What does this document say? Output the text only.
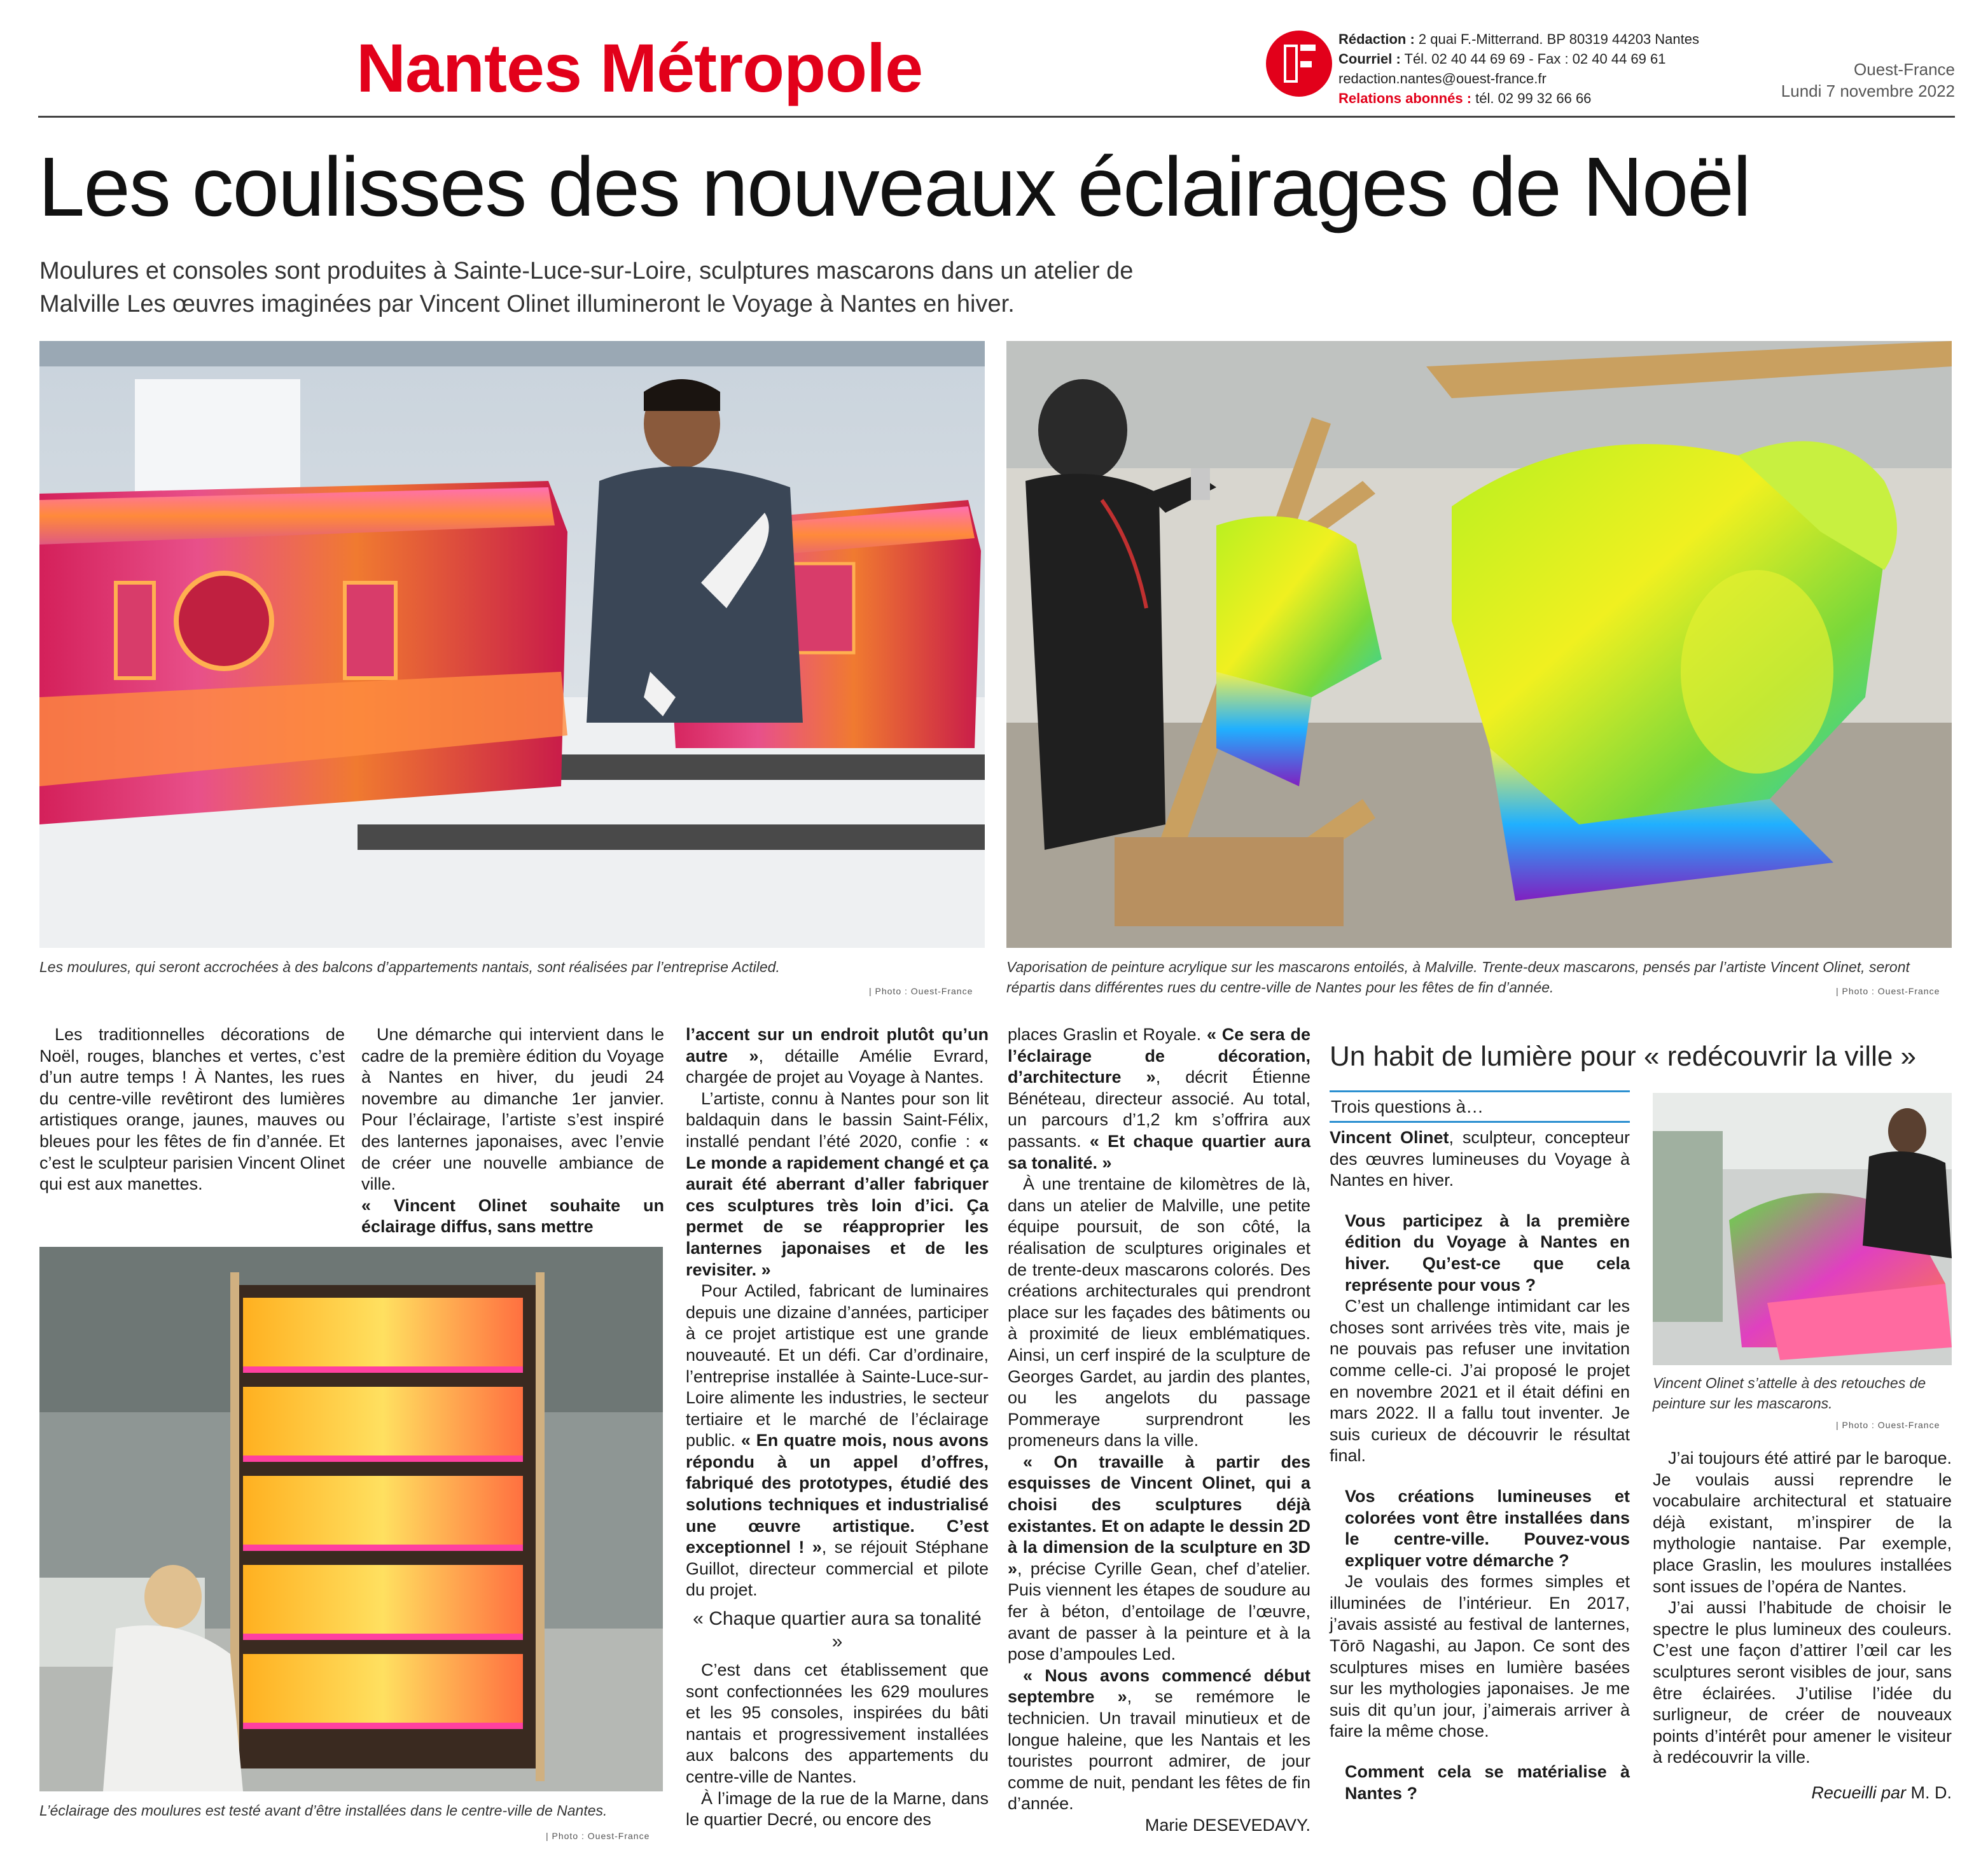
Nantes Métropole	Rédaction : 2 quai F.-Mitterrand. BP 80319 44203 Nantes
Courriel : Tél. 02 40 44 69 69 - Fax : 02 40 44 69 61
redaction.nantes@ouest-france.fr
Relations abonnés : tél. 02 99 32 66 66
Ouest-France
Lundi 7 novembre 2022
Les coulisses des nouveaux éclairages de Noël
Moulures et consoles sont produites à Sainte-Luce-sur-Loire, sculptures mascarons dans un atelier de Malville Les œuvres imaginées par Vincent Olinet illumineront le Voyage à Nantes en hiver.
Les moulures, qui seront accrochées à des balcons d’appartements nantais, sont réalisées par l’entreprise Actiled.
| Photo : Ouest-France
Vaporisation de peinture acrylique sur les mascarons entoilés, à Malville. Trente-deux mascarons, pensés par l’artiste Vincent Olinet, seront répartis dans différentes rues du centre-ville de Nantes pour les fêtes de fin d’année.	| Photo : Ouest-France

Les traditionnelles décorations de Noël, rouges, blanches et vertes, c’est d’un autre temps ! À Nantes, les rues du centre-ville revêtiront des lumières artistiques orange, jaunes, mauves ou bleues pour les fêtes de fin d’année. Et c’est le sculpteur parisien Vincent Olinet qui est aux manettes.

L’éclairage des moulures est testé avant d’être installées dans le centre-ville de Nantes.
| Photo : Ouest-France

Une démarche qui intervient dans le cadre de la première édition du Voyage à Nantes en hiver, du jeudi 24 novembre au dimanche 1er janvier. Pour l’éclairage, l’artiste s’est inspiré des lanternes japonaises, avec l’envie de créer une nouvelle ambiance de ville.

« Vincent Olinet souhaite un éclairage diffus, sans mettre

l’accent sur un endroit plutôt qu’un autre », détaille Amélie Evrard, chargée de projet au Voyage à Nantes.

L’artiste, connu à Nantes pour son lit baldaquin dans le bassin Saint-Félix, installé pendant l’été 2020, confie : « Le monde a rapidement changé et ça aurait été aberrant d’aller fabriquer ces sculptures très loin d’ici. Ça permet de se réapproprier les lanternes japonaises et de les revisiter. »

Pour Actiled, fabricant de luminaires depuis une dizaine d’années, participer à ce projet artistique est une grande nouveauté. Et un défi. Car d’ordinaire, l’entreprise installée à Sainte-Luce-sur-Loire alimente les industries, le secteur tertiaire et le marché de l’éclairage public. « En quatre mois, nous avons répondu à un appel d’offres, fabriqué des prototypes, étudié des solutions techniques et industrialisé une œuvre artistique. C’est exceptionnel ! », se réjouit Stéphane Guillot, directeur commercial et pilote du projet.

« Chaque quartier aura sa tonalité »

C’est dans cet établissement que sont confectionnées les 629 moulures et les 95 consoles, inspirées du bâti nantais et progressivement installées aux balcons des appartements du centre-ville de Nantes.

À l’image de la rue de la Marne, dans le quartier Decré, ou encore des

places Graslin et Royale. « Ce sera de l’éclairage de décoration, d’architecture », décrit Étienne Bénéteau, directeur associé. Au total, un parcours d’1,2 km s’offrira aux passants. « Et chaque quartier aura sa tonalité. »

À une trentaine de kilomètres de là, dans un atelier de Malville, une petite équipe poursuit, de son côté, la réalisation de sculptures originales et de trente-deux mascarons colorés. Des créations architecturales qui prendront place sur les façades des bâtiments ou à proximité de lieux emblématiques. Ainsi, un cerf inspiré de la sculpture de Georges Gardet, au jardin des plantes, ou les angelots du passage Pommeraye surprendront les promeneurs dans la ville.

« On travaille à partir des esquisses de Vincent Olinet, qui a choisi des sculptures déjà existantes. Et on adapte le dessin 2D à la dimension de la sculpture en 3D », précise Cyrille Gean, chef d’atelier. Puis viennent les étapes de soudure au fer à béton, d’entoilage de l’œuvre, avant de passer à la peinture et à la pose d’ampoules Led.

« Nous avons commencé début septembre », se remémore le technicien. Un travail minutieux et de longue haleine, que les Nantais et les touristes pourront admirer, de jour comme de nuit, pendant les fêtes de fin d’année.

Marie DESEVEDAVY.

Un habit de lumière pour « redécouvrir la ville »
Trois questions à…

Vincent Olinet, sculpteur, concepteur des œuvres lumineuses du Voyage à Nantes en hiver.

Vous participez à la première édition du Voyage à Nantes en hiver. Qu’est-ce que cela représente pour vous ?

C’est un challenge intimidant car les choses sont arrivées très vite, mais je ne pouvais pas refuser une invitation comme celle-ci. J’ai proposé le projet en novembre 2021 et il était défini en mars 2022. Il a fallu tout inventer. Je suis curieux de découvrir le résultat final.

Vos créations lumineuses et colorées vont être installées dans le centre-ville. Pouvez-vous expliquer votre démarche ?

Je voulais des formes simples et illuminées de l’intérieur. En 2017, j’avais assisté au festival de lanternes, Tōrō Nagashi, au Japon. Ce sont des sculptures mises en lumière basées sur les mythologies japonaises. Je me suis dit qu’un jour, j’aimerais arriver à faire la même chose.

Comment cela se matérialise à Nantes ?

Vincent Olinet s’attelle à des retouches de peinture sur les mascarons.
| Photo : Ouest-France

J’ai toujours été attiré par le baroque. Je voulais aussi reprendre le vocabulaire architectural et statuaire déjà existant, m’inspirer de la mythologie nantaise. Par exemple, place Graslin, les moulures installées sont issues de l’opéra de Nantes.

J’ai aussi l’habitude de choisir le spectre le plus lumineux des couleurs. C’est une façon d’attirer l’œil car les sculptures seront visibles de jour, sans être éclairées. J’utilise l’idée du surligneur, de créer de nouveaux points d’intérêt pour amener le visiteur à redécouvrir la ville.

Recueilli par M. D.
